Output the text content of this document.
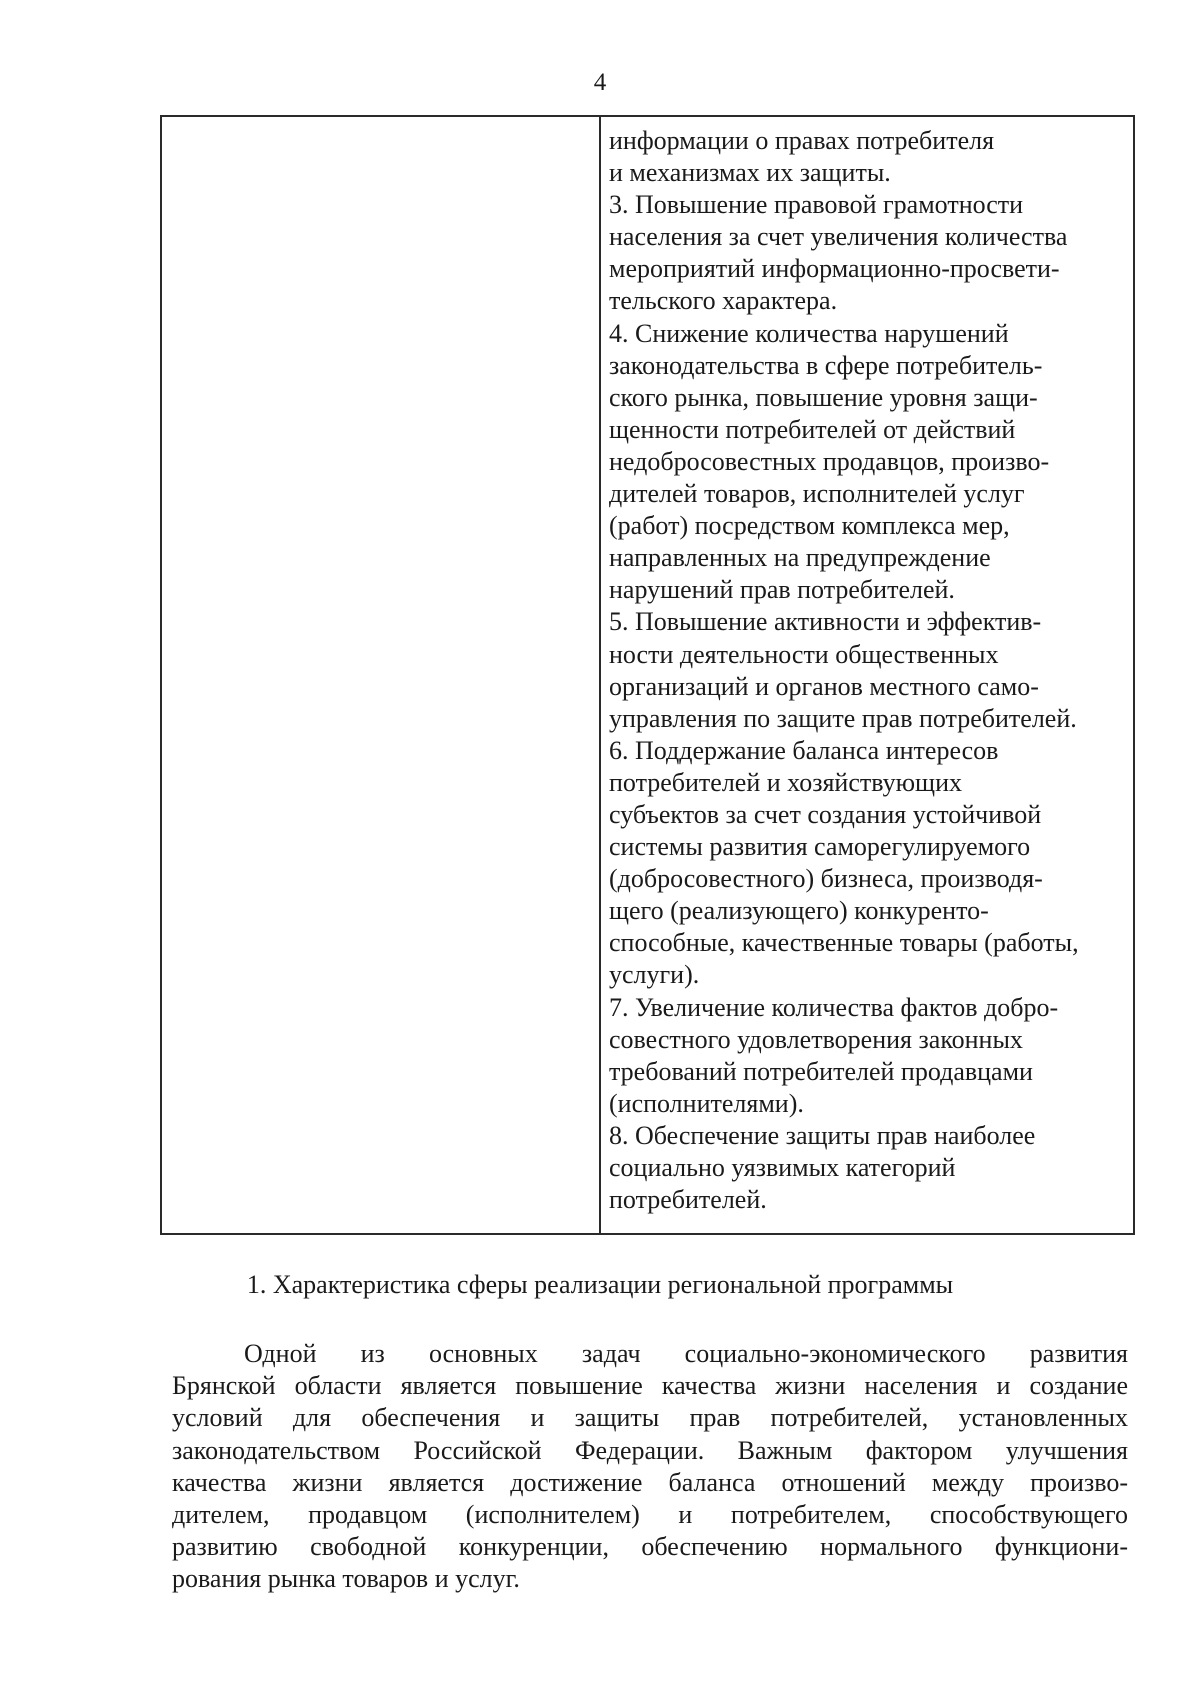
4
информации о правах потребителя
и механизмах их защиты.
3. Повышение правовой грамотности
населения за счет увеличения количества
мероприятий информационно-просвети-
тельского характера.
4. Снижение количества нарушений
законодательства в сфере потребитель-
ского рынка, повышение уровня защи-
щенности потребителей от действий
недобросовестных продавцов, произво-
дителей товаров, исполнителей услуг
(работ) посредством комплекса мер,
направленных на предупреждение
нарушений прав потребителей.
5. Повышение активности и эффектив-
ности деятельности общественных
организаций и органов местного само-
управления по защите прав потребителей.
6. Поддержание баланса интересов
потребителей и хозяйствующих
субъектов за счет создания устойчивой
системы развития саморегулируемого
(добросовестного) бизнеса, производя-
щего (реализующего) конкуренто-
способные, качественные товары (работы,
услуги).
7. Увеличение количества фактов добро-
совестного удовлетворения законных
требований потребителей продавцами
(исполнителями).
8. Обеспечение защиты прав наиболее
социально уязвимых категорий
потребителей.
1. Характеристика сферы реализации региональной программы
Одной из основных задач социально-экономического развития
Брянской области является повышение качества жизни населения и создание
условий для обеспечения и защиты прав потребителей, установленных
законодательством Российской Федерации. Важным фактором улучшения
качества жизни является достижение баланса отношений между произво-
дителем, продавцом (исполнителем) и потребителем, способствующего
развитию свободной конкуренции, обеспечению нормального функциони-
рования рынка товаров и услуг.
